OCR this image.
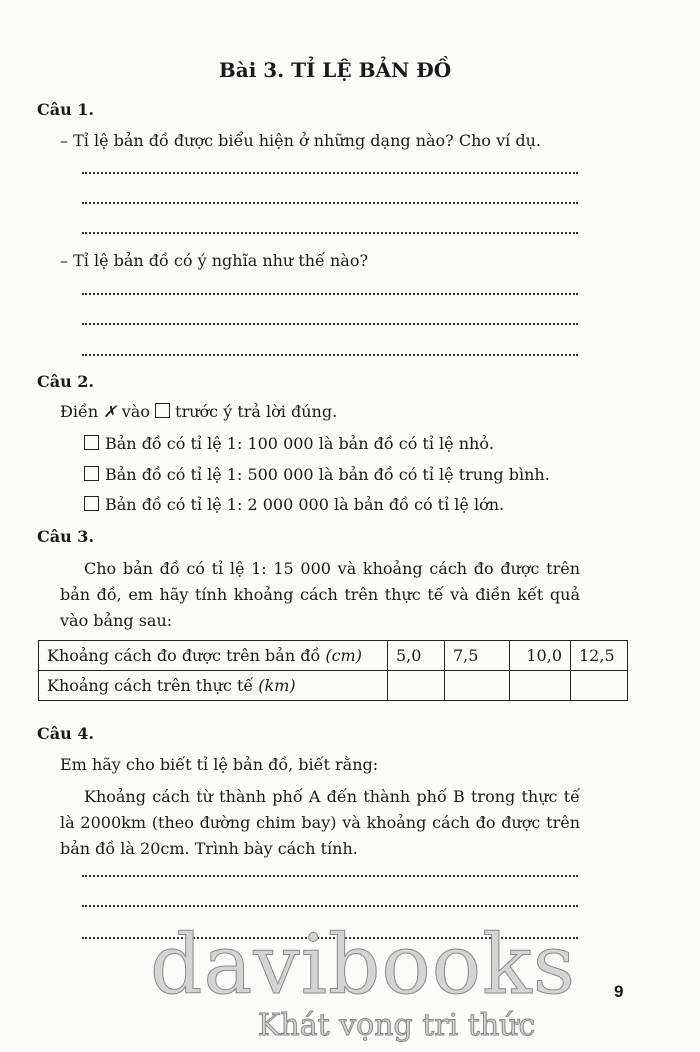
Bài 3. TỈ LỆ BẢN ĐỒ
Câu 1.
– Tỉ lệ bản đồ được biểu hiện ở những dạng nào? Cho ví dụ.
– Tỉ lệ bản đồ có ý nghĩa như thế nào?
Câu 2.
Điền ✗ vào  trước ý trả lời đúng.
Bản đồ có tỉ lệ 1: 100 000 là bản đồ có tỉ lệ nhỏ.
Bản đồ có tỉ lệ 1: 500 000 là bản đồ có tỉ lệ trung bình.
Bản đồ có tỉ lệ 1: 2 000 000 là bản đồ có tỉ lệ lớn.
Câu 3.
Cho bản đồ có tỉ lệ 1: 15 000 và khoảng cách đo được trên bản đồ, em hãy tính khoảng cách trên thực tế và điền kết quả vào bảng sau:
Khoảng cách đo được trên bản đồ (cm)	5,0	7,5	10,0	12,5
Khoảng cách trên thực tế (km)				
Câu 4.
Em hãy cho biết tỉ lệ bản đồ, biết rằng:
Khoảng cách từ thành phố A đến thành phố B trong thực tế là 2000km (theo đường chim bay) và khoảng cách đo được trên bản đồ là 20cm. Trình bày cách tính.
davibooks
Khát vọng tri thức
9
